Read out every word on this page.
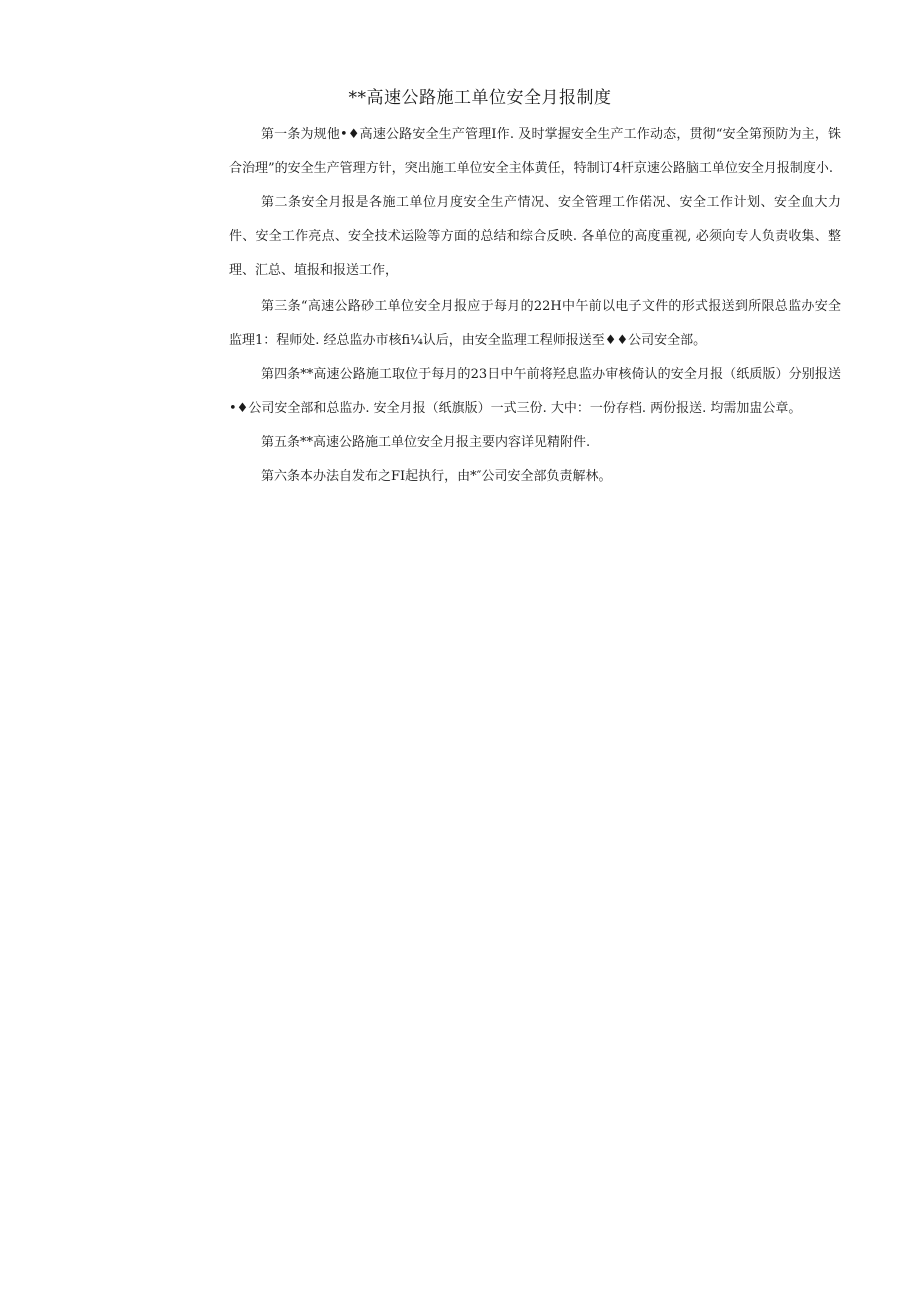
**高速公路施工单位安全月报制度

第一条为规他•♦高速公路安全生产管理I作. 及时掌握安全生产工作动态，贯彻“安全第预防为主，铢合治理”的安全生产管理方针，突出施工单位安全主体黄任，特制订4杆京速公路脑工单位安全月报制度小.

第二条安全月报是各施工单位月度安全生产情况、安全管理工作偌况、安全工作计划、安全血大力件、安全工作亮点、安全技术运险等方面的总结和综合反映. 各单位的高度重视, 必须向专人负责收集、整理、汇总、埴报和报送工作，

第三条“高速公路砂工单位安全月报应于每月的22H中午前以电子文件的形式报送到所限总监办安全监理1：程师处. 经总监办市核fi¼认后，由安全监理工程师报送至♦♦公司安全部。

第四条**高速公路施工取位于每月的23日中午前将羟息监办审核倚认的安全月报（纸质版）分别报送•♦公司安全部和总监办. 安全月报（纸旗版）一式三份. 大中：一份存档. 两份报送. 均需加盅公章。

第五条**高速公路施工单位安全月报主要内容详见精附件.

第六条本办法自发布之FI起执行，由*″公司安全部负责解林。
